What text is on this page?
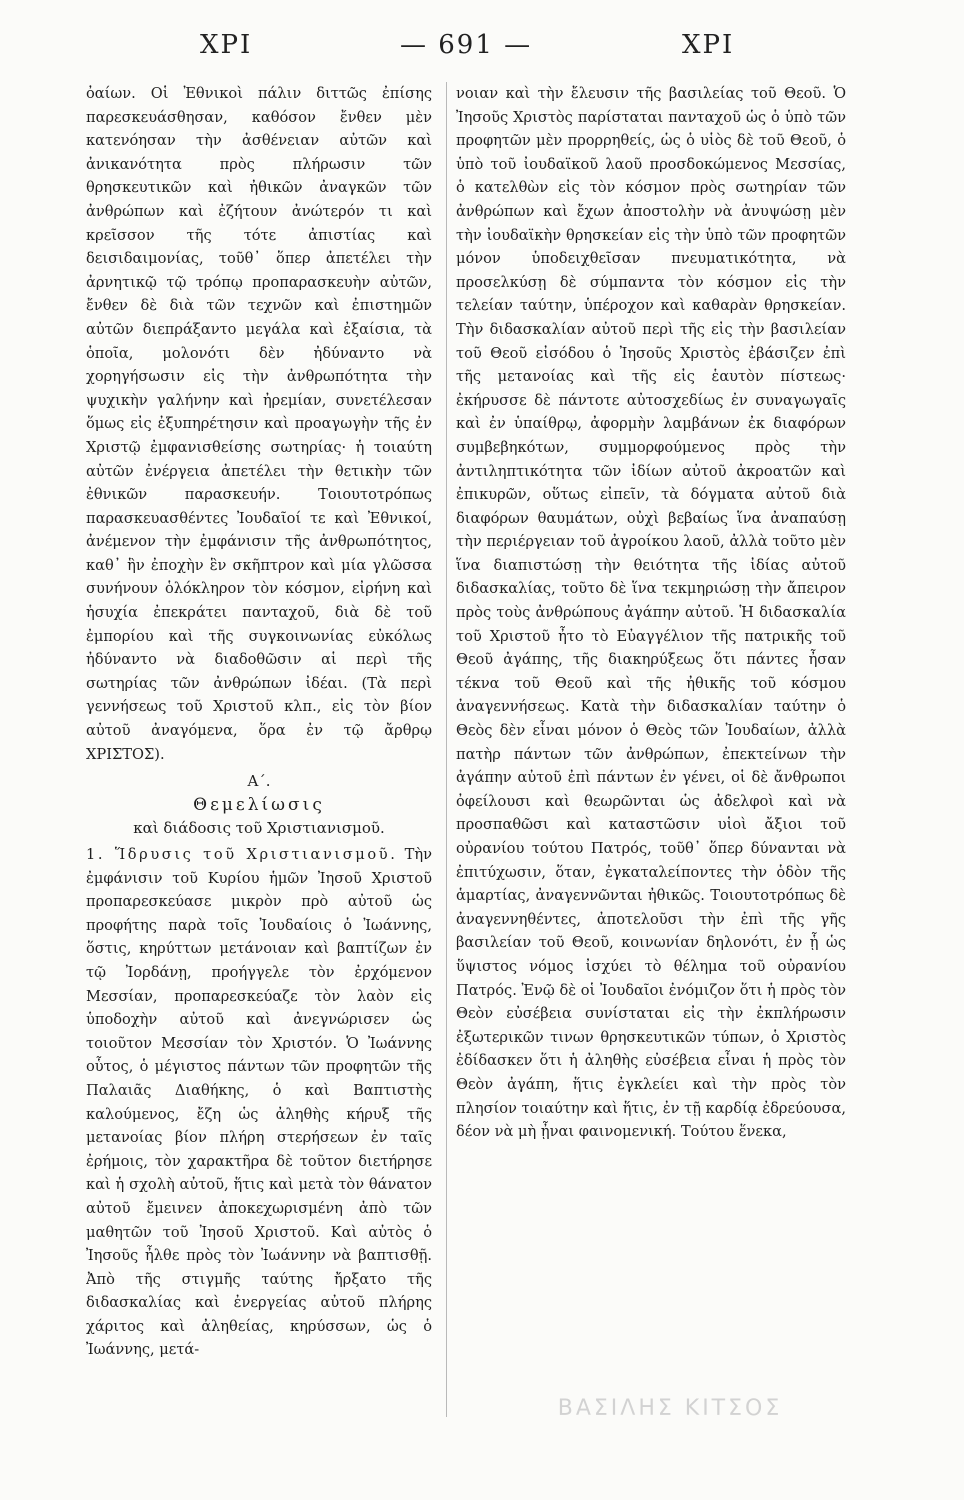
ΧΡΙ	— 691 —	ΧΡΙ

ὀαίων. Οἱ Ἐθνικοὶ πάλιν διττῶς ἐπίσης παρεσκευάσθησαν, καθόσον ἔνθεν μὲν κατενόησαν τὴν ἀσθένειαν αὐτῶν καὶ ἀνικανότητα πρὸς πλήρωσιν τῶν θρησκευτικῶν καὶ ἠθικῶν ἀναγκῶν τῶν ἀνθρώπων καὶ ἐζήτουν ἀνώτερόν τι καὶ κρεῖσσον τῆς τότε ἀπιστίας καὶ δεισιδαιμονίας, τοῦθ᾽ ὅπερ ἀπετέλει τὴν ἀρνητικῷ τῷ τρόπῳ προπαρασκευὴν αὐτῶν, ἔνθεν δὲ διὰ τῶν τεχνῶν καὶ ἐπιστημῶν αὐτῶν διεπράξαντο μεγάλα καὶ ἐξαίσια, τὰ ὁποῖα, μολονότι δὲν ἠδύναντο νὰ χορηγήσωσιν εἰς τὴν ἀνθρωπότητα τὴν ψυχικὴν γαλήνην καὶ ἠρεμίαν, συνετέλεσαν ὅμως εἰς ἐξυπηρέτησιν καὶ προαγωγὴν τῆς ἐν Χριστῷ ἐμφανισθείσης σωτηρίας· ἡ τοιαύτη αὐτῶν ἐνέργεια ἀπετέλει τὴν θετικὴν τῶν ἐθνικῶν παρασκευήν. Τοιουτοτρόπως παρασκευασθέντες Ἰουδαῖοί τε καὶ Ἐθνικοί, ἀνέμενον τὴν ἐμφάνισιν τῆς ἀνθρωπότητος, καθ᾽ ἣν ἐποχὴν ἓν σκῆπτρον καὶ μία γλῶσσα συνήνουν ὁλόκληρον τὸν κόσμον, εἰρήνη καὶ ἡσυχία ἐπεκράτει πανταχοῦ, διὰ δὲ τοῦ ἐμπορίου καὶ τῆς συγκοινωνίας εὐκόλως ἠδύναντο νὰ διαδοθῶσιν αἱ περὶ τῆς σωτηρίας τῶν ἀνθρώπων ἰδέαι. (Τὰ περὶ γεννήσεως τοῦ Χριστοῦ κλπ., εἰς τὸν βίον αὐτοῦ ἀναγόμενα, ὅρα ἐν τῷ ἄρθρῳ ΧΡΙΣΤΟΣ).

Α΄.
Θεμελίωσις
καὶ διάδοσις τοῦ Χριστιανισμοῦ.

1. Ἵδρυσις τοῦ Χριστιανισμοῦ. Τὴν ἐμφάνισιν τοῦ Κυρίου ἡμῶν Ἰησοῦ Χριστοῦ προπαρεσκεύασε μικρὸν πρὸ αὐτοῦ ὡς προφήτης παρὰ τοῖς Ἰουδαίοις ὁ Ἰωάννης, ὅστις, κηρύττων μετάνοιαν καὶ βαπτίζων ἐν τῷ Ἰορδάνῃ, προήγγελε τὸν ἐρχόμενον Μεσσίαν, προπαρεσκεύαζε τὸν λαὸν εἰς ὑποδοχὴν αὐτοῦ καὶ ἀνεγνώρισεν ὡς τοιοῦτον Μεσσίαν τὸν Χριστόν. Ὁ Ἰωάννης οὗτος, ὁ μέγιστος πάντων τῶν προφητῶν τῆς Παλαιᾶς Διαθήκης, ὁ καὶ Βαπτιστὴς καλούμενος, ἔζη ὡς ἀληθὴς κήρυξ τῆς μετανοίας βίον πλήρη στερήσεων ἐν ταῖς ἐρήμοις, τὸν χαρακτῆρα δὲ τοῦτον διετήρησε καὶ ἡ σχολὴ αὐτοῦ, ἥτις καὶ μετὰ τὸν θάνατον αὐτοῦ ἔμεινεν ἀποκεχωρισμένη ἀπὸ τῶν μαθητῶν τοῦ Ἰησοῦ Χριστοῦ. Καὶ αὐτὸς ὁ Ἰησοῦς ἦλθε πρὸς τὸν Ἰωάννην νὰ βαπτισθῇ. Ἀπὸ τῆς στιγμῆς ταύτης ἤρξατο τῆς διδασκαλίας καὶ ἐνεργείας αὐτοῦ πλήρης χάριτος καὶ ἀληθείας, κηρύσσων, ὡς ὁ Ἰωάννης, μετά-

νοιαν καὶ τὴν ἔλευσιν τῆς βασιλείας τοῦ Θεοῦ. Ὁ Ἰησοῦς Χριστὸς παρίσταται πανταχοῦ ὡς ὁ ὑπὸ τῶν προφητῶν μὲν προρρηθείς, ὡς ὁ υἱὸς δὲ τοῦ Θεοῦ, ὁ ὑπὸ τοῦ ἰουδαϊκοῦ λαοῦ προσδοκώμενος Μεσσίας, ὁ κατελθὼν εἰς τὸν κόσμον πρὸς σωτηρίαν τῶν ἀνθρώπων καὶ ἔχων ἀποστολὴν νὰ ἀνυψώσῃ μὲν τὴν ἰουδαϊκὴν θρησκείαν εἰς τὴν ὑπὸ τῶν προφητῶν μόνον ὑποδειχθεῖσαν πνευματικότητα, νὰ προσελκύσῃ δὲ σύμπαντα τὸν κόσμον εἰς τὴν τελείαν ταύτην, ὑπέροχον καὶ καθαρὰν θρησκείαν. Τὴν διδασκαλίαν αὐτοῦ περὶ τῆς εἰς τὴν βασιλείαν τοῦ Θεοῦ εἰσόδου ὁ Ἰησοῦς Χριστὸς ἐβάσιζεν ἐπὶ τῆς μετανοίας καὶ τῆς εἰς ἑαυτὸν πίστεως· ἐκήρυσσε δὲ πάντοτε αὐτοσχεδίως ἐν συναγωγαῖς καὶ ἐν ὑπαίθρῳ, ἀφορμὴν λαμβάνων ἐκ διαφόρων συμβεβηκότων, συμμορφούμενος πρὸς τὴν ἀντιληπτικότητα τῶν ἰδίων αὐτοῦ ἀκροατῶν καὶ ἐπικυρῶν, οὕτως εἰπεῖν, τὰ δόγματα αὐτοῦ διὰ διαφόρων θαυμάτων, οὐχὶ βεβαίως ἵνα ἀναπαύσῃ τὴν περιέργειαν τοῦ ἀγροίκου λαοῦ, ἀλλὰ τοῦτο μὲν ἵνα διαπιστώσῃ τὴν θειότητα τῆς ἰδίας αὐτοῦ διδασκαλίας, τοῦτο δὲ ἵνα τεκμηριώσῃ τὴν ἄπειρον πρὸς τοὺς ἀνθρώπους ἀγάπην αὐτοῦ. Ἡ διδασκαλία τοῦ Χριστοῦ ἦτο τὸ Εὐαγγέλιον τῆς πατρικῆς τοῦ Θεοῦ ἀγάπης, τῆς διακηρύξεως ὅτι πάντες ἦσαν τέκνα τοῦ Θεοῦ καὶ τῆς ἠθικῆς τοῦ κόσμου ἀναγεννήσεως. Κατὰ τὴν διδασκαλίαν ταύτην ὁ Θεὸς δὲν εἶναι μόνον ὁ Θεὸς τῶν Ἰουδαίων, ἀλλὰ πατὴρ πάντων τῶν ἀνθρώπων, ἐπεκτείνων τὴν ἀγάπην αὐτοῦ ἐπὶ πάντων ἐν γένει, οἱ δὲ ἄνθρωποι ὀφείλουσι καὶ θεωρῶνται ὡς ἀδελφοὶ καὶ νὰ προσπαθῶσι καὶ καταστῶσιν υἱοὶ ἄξιοι τοῦ οὐρανίου τούτου Πατρός, τοῦθ᾽ ὅπερ δύνανται νὰ ἐπιτύχωσιν, ὅταν, ἐγκαταλείποντες τὴν ὁδὸν τῆς ἁμαρτίας, ἀναγεννῶνται ἠθικῶς. Τοιουτοτρόπως δὲ ἀναγεννηθέντες, ἀποτελοῦσι τὴν ἐπὶ τῆς γῆς βασιλείαν τοῦ Θεοῦ, κοινωνίαν δηλονότι, ἐν ᾗ ὡς ὕψιστος νόμος ἰσχύει τὸ θέλημα τοῦ οὐρανίου Πατρός. Ἐνῷ δὲ οἱ Ἰουδαῖοι ἐνόμιζον ὅτι ἡ πρὸς τὸν Θεὸν εὐσέβεια συνίσταται εἰς τὴν ἐκπλήρωσιν ἐξωτερικῶν τινων θρησκευτικῶν τύπων, ὁ Χριστὸς ἐδίδασκεν ὅτι ἡ ἀληθὴς εὐσέβεια εἶναι ἡ πρὸς τὸν Θεὸν ἀγάπη, ἥτις ἐγκλείει καὶ τὴν πρὸς τὸν πλησίον τοιαύτην καὶ ἥτις, ἐν τῇ καρδίᾳ ἐδρεύουσα, δέον νὰ μὴ ᾖναι φαινομενική. Τούτου ἕνεκα,

ΒΑΣΙΛΗΣ ΚΙΤΣΟΣ
